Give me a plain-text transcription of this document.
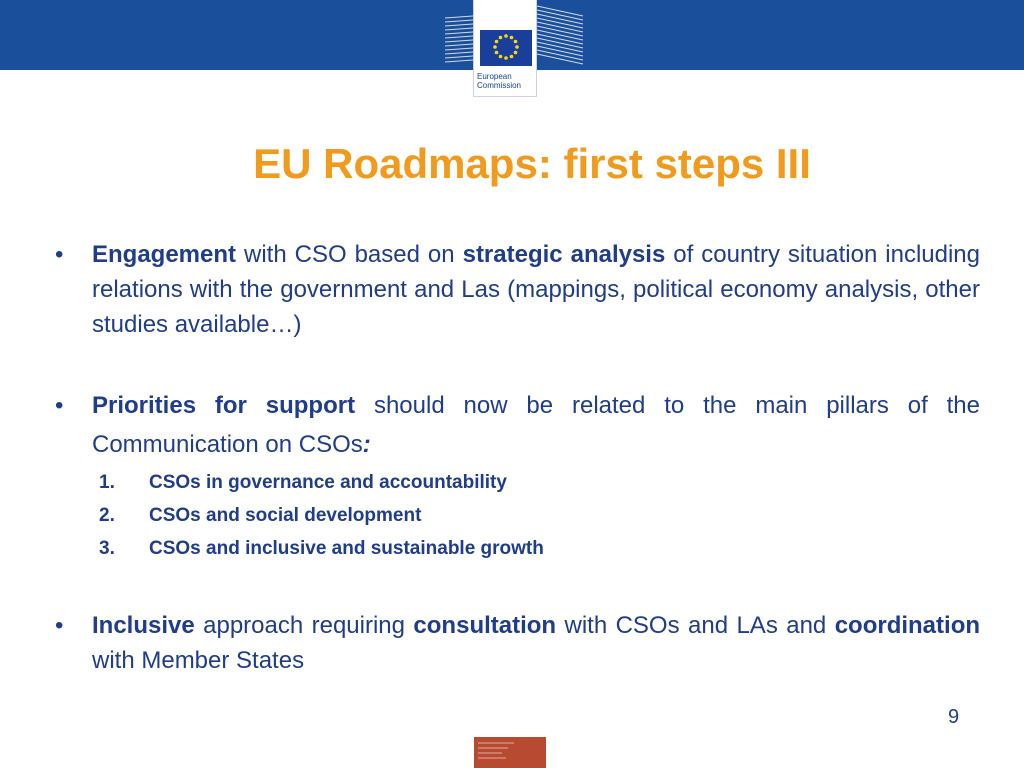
European
Commission
EU Roadmaps: first steps III
•	Engagement with CSO based on strategic analysis of country situation including relations with the government and Las (mappings, political economy analysis, other studies available…)
•	Priorities for support should now be related to the main pillars of the Communication on CSOs:
1. CSOs in governance and accountability
2. CSOs and social development
3. CSOs and inclusive and sustainable growth
•	Inclusive approach requiring consultation with CSOs and LAs and coordination with Member States
9
